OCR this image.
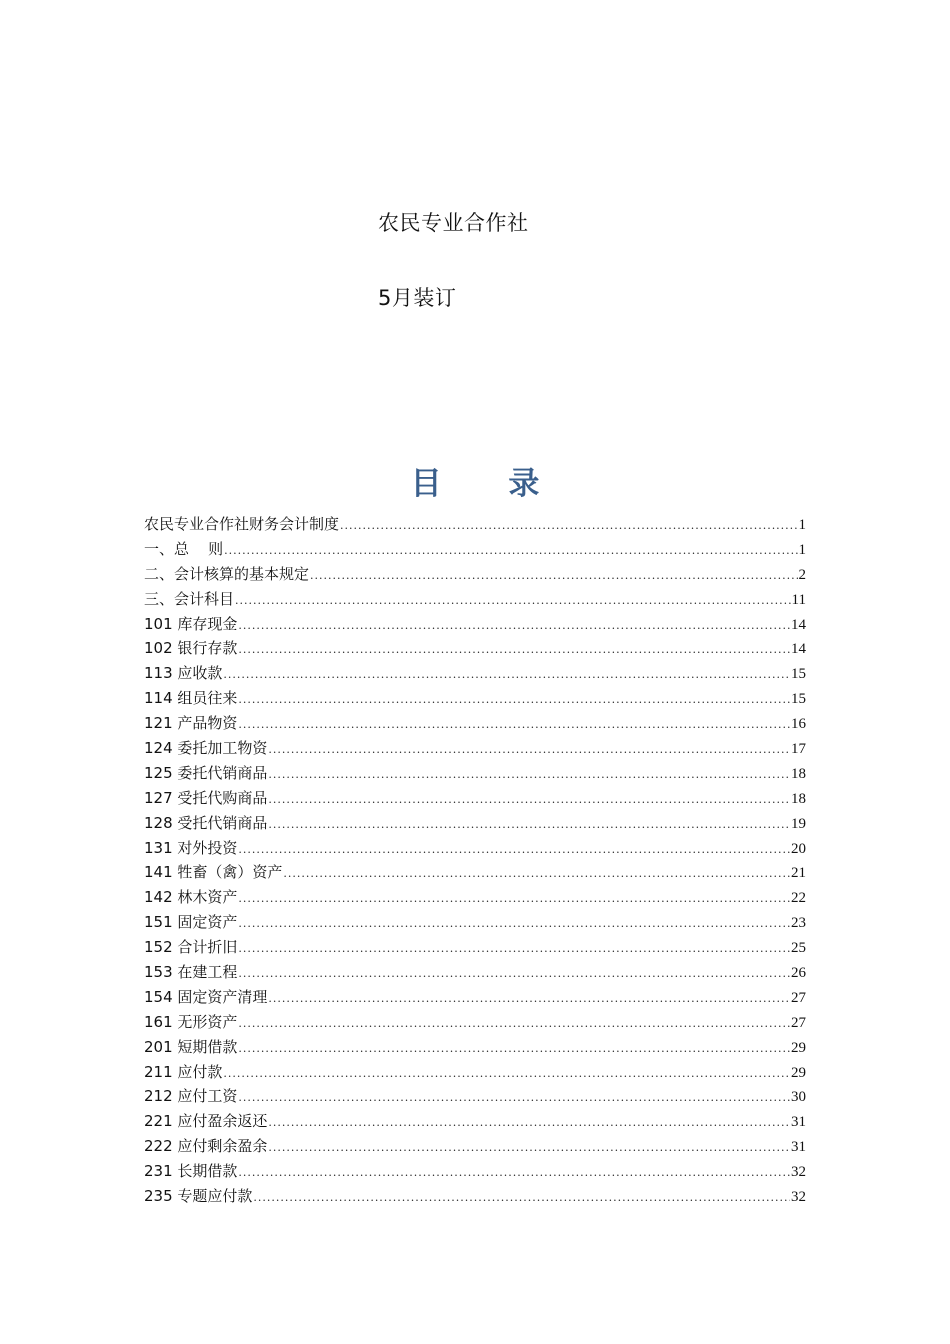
农民专业合作社
5月装订
目 录
农民专业合作社财务会计制度 .....	1
一、总    则 .....	1
二、会计核算的基本规定 .....	2
三、会计科目 .....	11
101 库存现金 .....	14
102 银行存款 .....	14
113 应收款 .....	15
114 组员往来 .....	15
121 产品物资 .....	16
124 委托加工物资 .....	17
125 委托代销商品 .....	18
127 受托代购商品 .....	18
128 受托代销商品 .....	19
131 对外投资 .....	20
141 牲畜（禽）资产 .....	21
142 林木资产 .....	22
151 固定资产 .....	23
152 合计折旧 .....	25
153 在建工程 .....	26
154 固定资产清理 .....	27
161 无形资产 .....	27
201 短期借款 .....	29
211 应付款 .....	29
212 应付工资 .....	30
221 应付盈余返还 .....	31
222 应付剩余盈余 .....	31
231 长期借款 .....	32
235 专题应付款 .....	32
